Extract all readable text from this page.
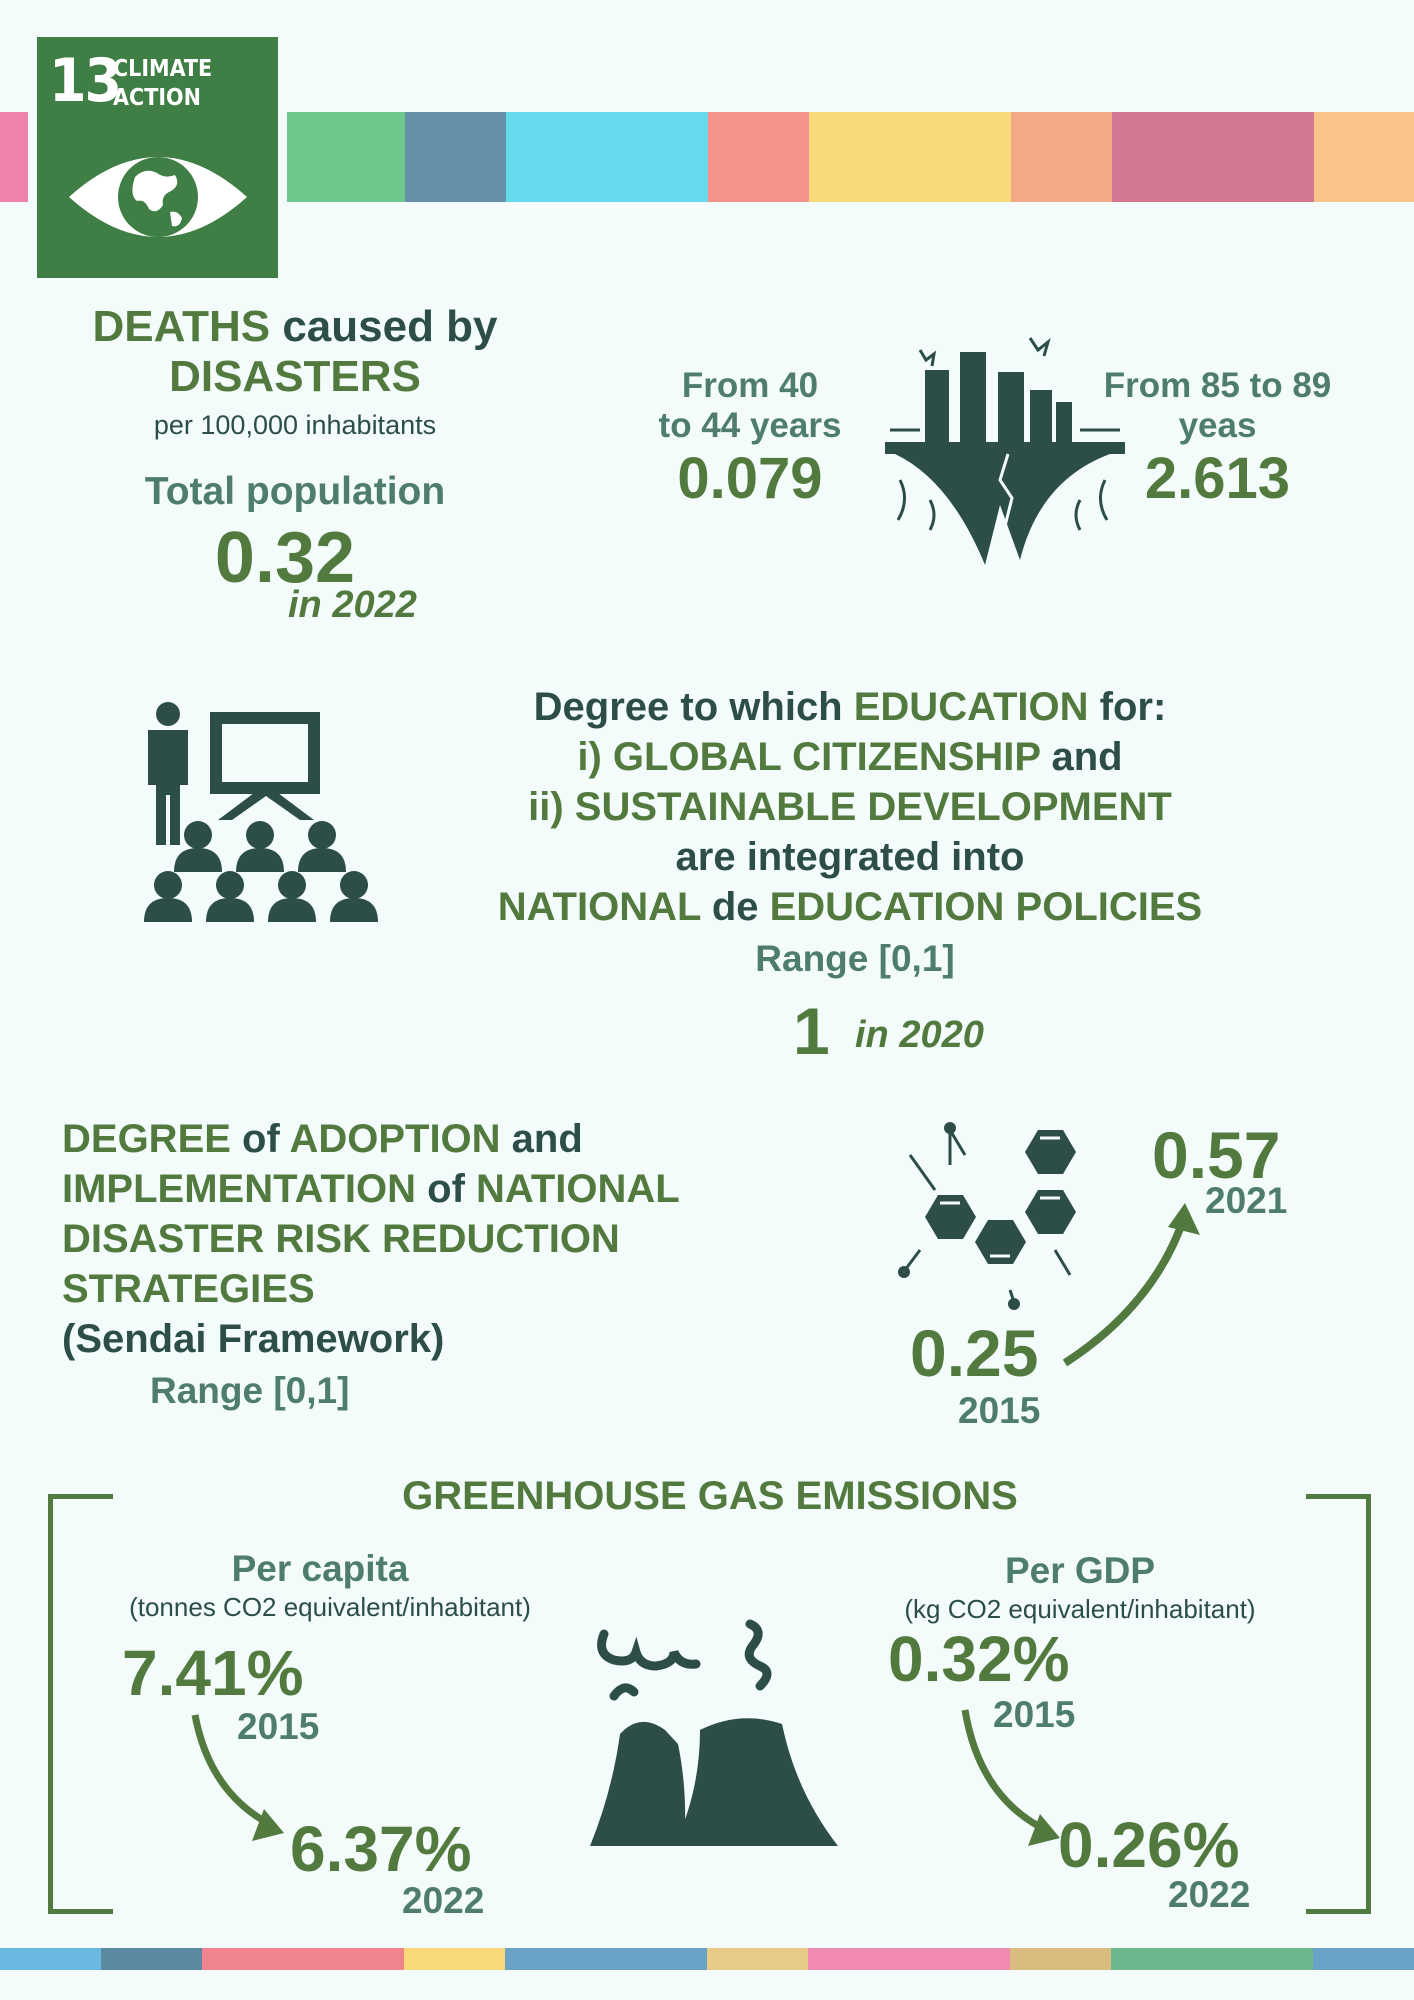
13
CLIMATE
ACTION
DEATHS caused by
DISASTERS
per 100,000 inhabitants
Total population
0.32
in 2022
From 40
to 44 years
0.079
From 85 to 89
yeas
2.613
Degree to which EDUCATION for:
i) GLOBAL CITIZENSHIP and
ii) SUSTAINABLE DEVELOPMENT
are integrated into
NATIONAL de EDUCATION POLICIES
Range [0,1]
1 in 2020
DEGREE of ADOPTION and
IMPLEMENTATION of NATIONAL
DISASTER RISK REDUCTION
STRATEGIES
(Sendai Framework)
Range [0,1]
0.57
2021
0.25
2015
GREENHOUSE GAS EMISSIONS
Per capita
(tonnes CO2 equivalent/inhabitant)
7.41%
2015
6.37%
2022
Per GDP
(kg CO2 equivalent/inhabitant)
0.32%
2015
0.26%
2022
